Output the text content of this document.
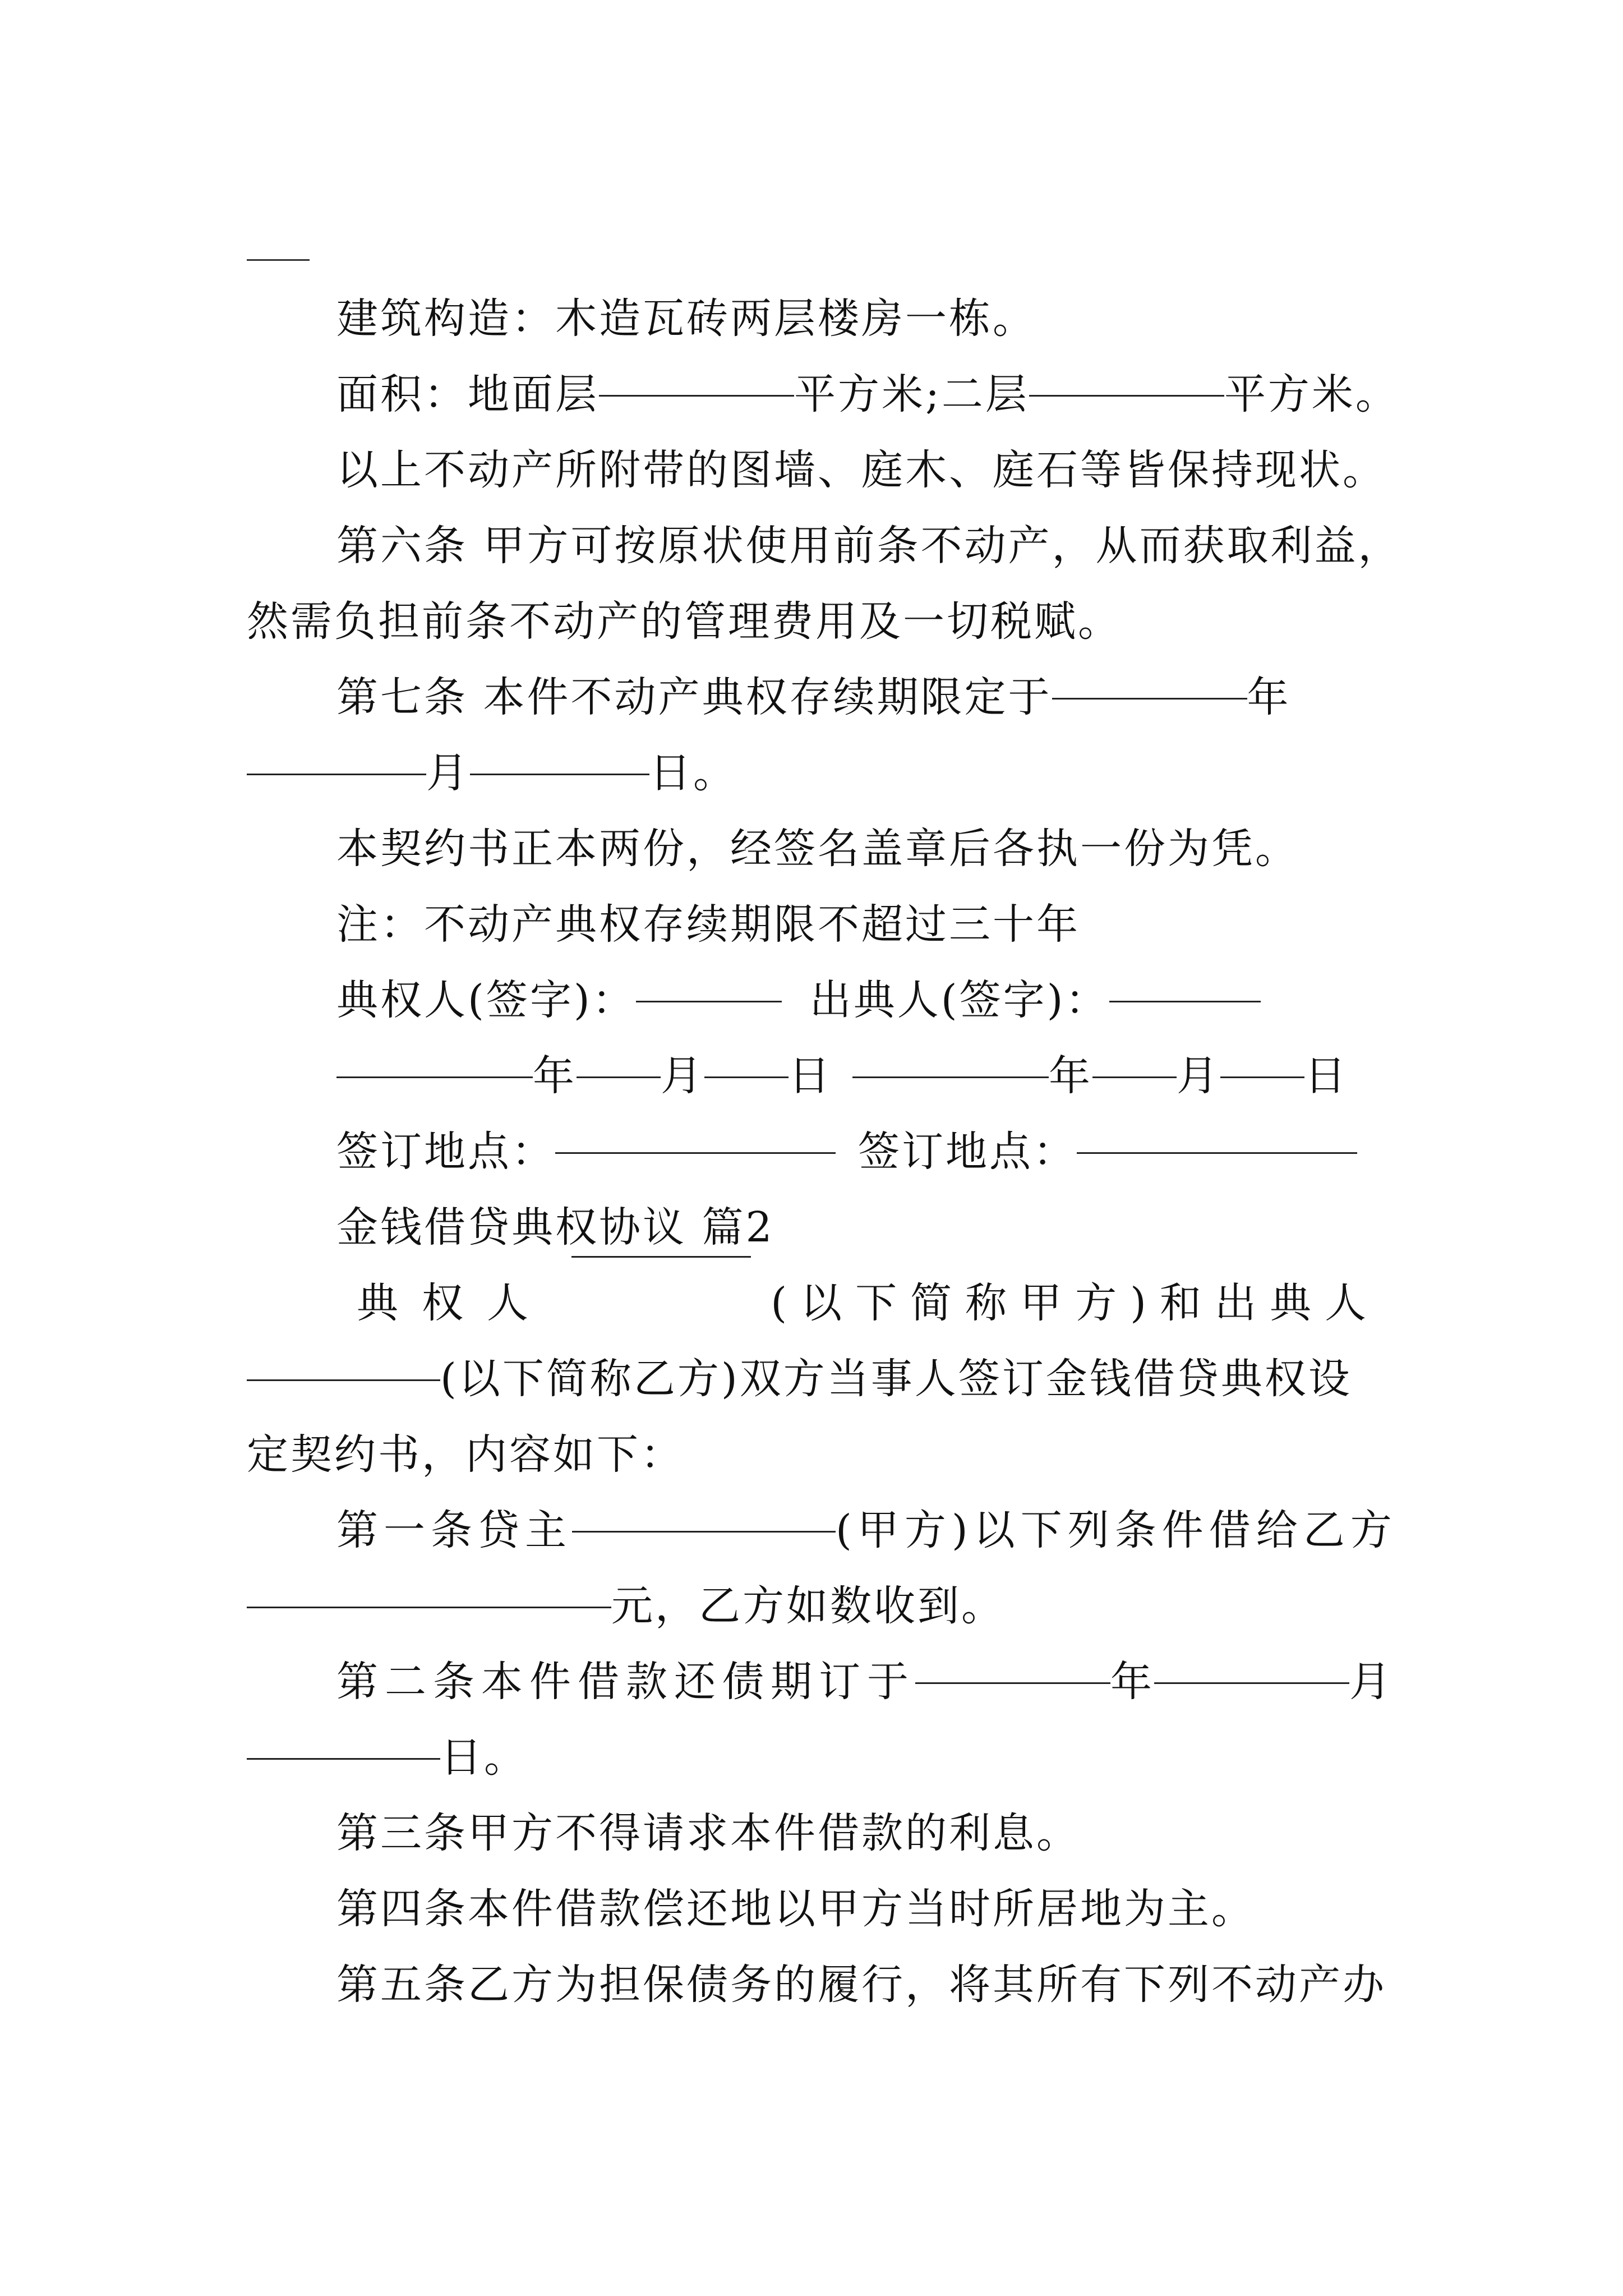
建筑构造：木造瓦砖两层楼房一栋。
面积：地面层	平方米;二层	平方米。
以上不动产所附带的图墙、庭木、庭石等皆保持现状。
第六条 甲方可按原状使用前条不动产，从而获取利益，
然需负担前条不动产的管理费用及一切税赋。
第七条 本件不动产典权存续期限定于	年
月	日。
本契约书正本两份，经签名盖章后各执一份为凭。
注：不动产典权存续期限不超过三十年
典权人(签字)：	出典人(签字)：
年 月 日	年 月 日
签订地点：	签订地点：
金钱借贷典权协议 篇2
典权人	(以下简称甲方)和出典人
(以下简称乙方)双方当事人签订金钱借贷典权设
定契约书，内容如下：
第一条贷主	(甲方)以下列条件借给乙方
元，乙方如数收到。
第二条本件借款还债期订于	年	月
日。
第三条甲方不得请求本件借款的利息。
第四条本件借款偿还地以甲方当时所居地为主。
第五条乙方为担保债务的履行，将其所有下列不动产办
